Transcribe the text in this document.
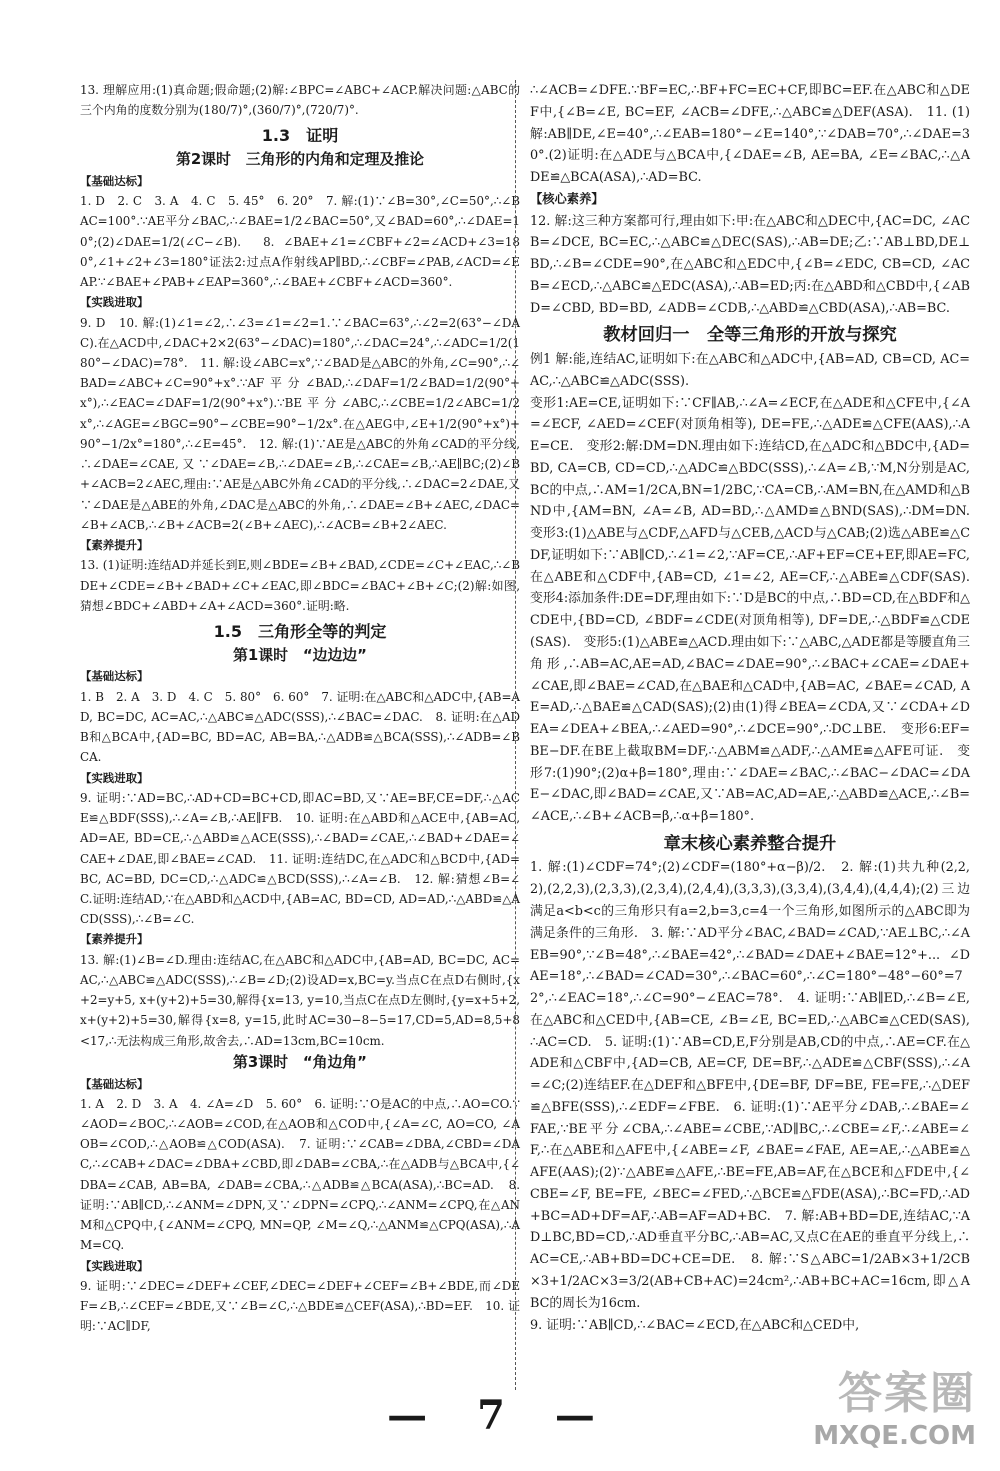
13. 理解应用:(1)真命题;假命题;(2)解:∠BPC=∠ABC+∠ACP.解决问题:△ABC的三个内角的度数分别为(180/7)°,(360/7)°,(720/7)°.

1.3　证明
第2课时　三角形的内角和定理及推论
【基础达标】

1. D　2. C　3. A　4. C　5. 45°　6. 20°　7. 解:(1)∵∠B=30°,∠C=50°,∴∠BAC=100°.∵AE平分∠BAC,∴∠BAE=1/2∠BAC=50°,又∠BAD=60°,∴∠DAE=10°;(2)∠DAE=1/2(∠C−∠B).　8. ∠BAE+∠1=∠CBF+∠2=∠ACD+∠3=180°,∠1+∠2+∠3=180°证法2:过点A作射线AP∥BD,∴∠CBF=∠PAB,∠ACD=∠EAP.∵∠BAE+∠PAB+∠EAP=360°,∴∠BAE+∠CBF+∠ACD=360°.

【实践进取】

9. D　10. 解:(1)∠1=∠2,∴∠3=∠1=∠2=1.∵∠BAC=63°,∴∠2=2(63°−∠DAC).在△ACD中,∠DAC+2×2(63°−∠DAC)=180°,∴∠DAC=24°,∴∠ADC=1/2(180°−∠DAC)=78°.　11. 解:设∠ABC=x°,∵∠BAD是△ABC的外角,∠C=90°,∴∠BAD=∠ABC+∠C=90°+x°.∵AF平分∠BAD,∴∠DAF=1/2∠BAD=1/2(90°+x°),∴∠EAC=∠DAF=1/2(90°+x°).∵BE平分∠ABC,∴∠CBE=1/2∠ABC=1/2x°,∴∠AGE=∠BGC=90°−∠CBE=90°−1/2x°.在△AEG中,∠E+1/2(90°+x°)+90°−1/2x°=180°,∴∠E=45°.　12. 解:(1)∵AE是△ABC的外角∠CAD的平分线,∴∠DAE=∠CAE,又∵∠DAE=∠B,∴∠DAE=∠B,∴∠CAE=∠B,∴AE∥BC;(2)∠B+∠ACB=2∠AEC,理由:∵AE是△ABC外角∠CAD的平分线,∴∠DAC=2∠DAE,又∵∠DAE是△ABE的外角,∠DAC是△ABC的外角,∴∠DAE=∠B+∠AEC,∠DAC=∠B+∠ACB,∴∠B+∠ACB=2(∠B+∠AEC),∴∠ACB=∠B+2∠AEC.

【素养提升】

13. (1)证明:连结AD并延长到E,则∠BDE=∠B+∠BAD,∠CDE=∠C+∠EAC,∴∠BDE+∠CDE=∠B+∠BAD+∠C+∠EAC,即∠BDC=∠BAC+∠B+∠C;(2)解:如图,猜想∠BDC+∠ABD+∠A+∠ACD=360°.证明:略.

1.5　三角形全等的判定
第1课时　“边边边”
【基础达标】

1. B　2. A　3. D　4. C　5. 80°　6. 60°　7. 证明:在△ABC和△ADC中,{AB=AD, BC=DC, AC=AC,∴△ABC≌△ADC(SSS),∴∠BAC=∠DAC.　8. 证明:在△ADB和△BCA中,{AD=BC, BD=AC, AB=BA,∴△ADB≌△BCA(SSS),∴∠ADB=∠BCA.

【实践进取】

9. 证明:∵AD=BC,∴AD+CD=BC+CD,即AC=BD,又∵AE=BF,CE=DF,∴△ACE≌△BDF(SSS),∴∠A=∠B,∴AE∥FB.　10. 证明:在△ABD和△ACE中,{AB=AC, AD=AE, BD=CE,∴△ABD≌△ACE(SSS),∴∠BAD=∠CAE,∴∠BAD+∠DAE=∠CAE+∠DAE,即∠BAE=∠CAD.　11. 证明:连结DC,在△ADC和△BCD中,{AD=BC, AC=BD, DC=CD,∴△ADC≌△BCD(SSS),∴∠A=∠B.　12. 解:猜想∠B=∠C.证明:连结AD,∵在△ABD和△ACD中,{AB=AC, BD=CD, AD=AD,∴△ABD≌△ACD(SSS),∴∠B=∠C.

【素养提升】

13. 解:(1)∠B=∠D.理由:连结AC,在△ABC和△ADC中,{AB=AD, BC=DC, AC=AC,∴△ABC≌△ADC(SSS),∴∠B=∠D;(2)设AD=x,BC=y.当点C在点D右侧时,{x+2=y+5, x+(y+2)+5=30,解得{x=13, y=10,当点C在点D左侧时,{y=x+5+2, x+(y+2)+5=30,解得{x=8, y=15,此时AC=30−8−5=17,CD=5,AD=8,5+8<17,∴无法构成三角形,故舍去,∴AD=13cm,BC=10cm.

第3课时　“角边角”
【基础达标】

1. A　2. D　3. A　4. ∠A=∠D　5. 60°　6. 证明:∵O是AC的中点,∴AO=CO.∵∠AOD=∠BOC,∴∠AOB=∠COD,在△AOB和△COD中,{∠A=∠C, AO=CO, ∠AOB=∠COD,∴△AOB≌△COD(ASA).　7. 证明:∵∠CAB=∠DBA,∠CBD=∠DAC,∴∠CAB+∠DAC=∠DBA+∠CBD,即∠DAB=∠CBA,∴在△ADB与△BCA中,{∠DBA=∠CAB, AB=BA, ∠DAB=∠CBA,∴△ADB≌△BCA(ASA),∴BC=AD.　8. 证明:∵AB∥CD,∴∠ANM=∠DPN,又∵∠DPN=∠CPQ,∴∠ANM=∠CPQ,在△ANM和△CPQ中,{∠ANM=∠CPQ, MN=QP, ∠M=∠Q,∴△ANM≌△CPQ(ASA),∴AM=CQ.

【实践进取】

9. 证明:∵∠DEC=∠DEF+∠CEF,∠DEC=∠DEF+∠CEF=∠B+∠BDE,而∠DEF=∠B,∴∠CEF=∠BDE,又∵∠B=∠C,∴△BDE≌△CEF(ASA),∴BD=EF.　10. 证明:∵AC∥DF,

∴∠ACB=∠DFE.∵BF=EC,∴BF+FC=EC+CF,即BC=EF.在△ABC和△DEF中,{∠B=∠E, BC=EF, ∠ACB=∠DFE,∴△ABC≌△DEF(ASA).　11. (1)解:AB∥DE,∠E=40°,∴∠EAB=180°−∠E=140°,∵∠DAB=70°,∴∠DAE=30°.(2)证明:在△ADE与△BCA中,{∠DAE=∠B, AE=BA, ∠E=∠BAC,∴△ADE≌△BCA(ASA),∴AD=BC.

【核心素养】

12. 解:这三种方案都可行,理由如下:甲:在△ABC和△DEC中,{AC=DC, ∠ACB=∠DCE, BC=EC,∴△ABC≌△DEC(SAS),∴AB=DE;乙:∵AB⊥BD,DE⊥BD,∴∠B=∠CDE=90°,在△ABC和△EDC中,{∠B=∠EDC, CB=CD, ∠ACB=∠ECD,∴△ABC≌△EDC(ASA),∴AB=ED;丙:在△ABD和△CBD中,{∠ABD=∠CBD, BD=BD, ∠ADB=∠CDB,∴△ABD≌△CBD(ASA),∴AB=BC.

教材回归一　全等三角形的开放与探究

例1 解:能,连结AC,证明如下:在△ABC和△ADC中,{AB=AD, CB=CD, AC=AC,∴△ABC≌△ADC(SSS).

变形1:AE=CE,证明如下:∵CF∥AB,∴∠A=∠ECF,在△ADE和△CFE中,{∠A=∠ECF, ∠AED=∠CEF(对顶角相等), DE=FE,∴△ADE≌△CFE(AAS),∴AE=CE.　变形2:解:DM=DN.理由如下:连结CD,在△ADC和△BDC中,{AD=BD, CA=CB, CD=CD,∴△ADC≌△BDC(SSS),∴∠A=∠B,∵M,N分别是AC,BC的中点,∴AM=1/2CA,BN=1/2BC,∵CA=CB,∴AM=BN,在△AMD和△BND中,{AM=BN, ∠A=∠B, AD=BD,∴△AMD≌△BND(SAS),∴DM=DN.　变形3:(1)△ABE与△CDF,△AFD与△CEB,△ACD与△CAB;(2)选△ABE≌△CDF,证明如下:∵AB∥CD,∴∠1=∠2,∵AF=CE,∴AF+EF=CE+EF,即AE=FC,在△ABE和△CDF中,{AB=CD, ∠1=∠2, AE=CF,∴△ABE≌△CDF(SAS).　变形4:添加条件:DE=DF,理由如下:∵D是BC的中点,∴BD=CD,在△BDF和△CDE中,{BD=CD, ∠BDF=∠CDE(对顶角相等), DF=DE,∴△BDF≌△CDE(SAS).　变形5:(1)△ABE≌△ACD.理由如下:∵△ABC,△ADE都是等腰直角三角形,∴AB=AC,AE=AD,∠BAC=∠DAE=90°,∴∠BAC+∠CAE=∠DAE+∠CAE,即∠BAE=∠CAD,在△BAE和△CAD中,{AB=AC, ∠BAE=∠CAD, AE=AD,∴△BAE≌△CAD(SAS);(2)由(1)得∠BEA=∠CDA,又∵∠CDA+∠DEA=∠DEA+∠BEA,∴∠AED=90°,∴∠DCE=90°,∴DC⊥BE.　变形6:EF=BE−DF.在BE上截取BM=DF,∴△ABM≌△ADF,∴△AME≌△AFE可证.　变形7:(1)90°;(2)α+β=180°,理由:∵∠DAE=∠BAC,∴∠BAC−∠DAC=∠DAE−∠DAC,即∠BAD=∠CAE,又∵AB=AC,AD=AE,∴△ABD≌△ACE,∴∠B=∠ACE,∴∠B+∠ACB=β,∴α+β=180°.

章末核心素养整合提升

1. 解:(1)∠CDF=74°;(2)∠CDF=(180°+α−β)/2.　2. 解:(1)共九种(2,2,2),(2,2,3),(2,3,3),(2,3,4),(2,4,4),(3,3,3),(3,3,4),(3,4,4),(4,4,4);(2)三边满足a<b<c的三角形只有a=2,b=3,c=4一个三角形,如图所示的△ABC即为满足条件的三角形.　3. 解:∵AD平分∠BAC,∠BAD=∠CAD,∵AE⊥BC,∴∠AEB=90°,∵∠B=48°,∴∠BAE=42°,∴∠BAD=∠DAE+∠BAE=12°+... ∠DAE=18°,∴∠BAD=∠CAD=30°,∴∠BAC=60°,∴∠C=180°−48°−60°=72°,∴∠EAC=18°,∴∠C=90°−∠EAC=78°.　4. 证明:∵AB∥ED,∴∠B=∠E,在△ABC和△CED中,{AB=CE, ∠B=∠E, BC=ED,∴△ABC≌△CED(SAS),∴AC=CD.　5. 证明:(1)∵AB=CD,E,F分别是AB,CD的中点,∴AE=CF.在△ADE和△CBF中,{AD=CB, AE=CF, DE=BF,∴△ADE≌△CBF(SSS),∴∠A=∠C;(2)连结EF.在△DEF和△BFE中,{DE=BF, DF=BE, FE=FE,∴△DEF≌△BFE(SSS),∴∠EDF=∠FBE.　6. 证明:(1)∵AE平分∠DAB,∴∠BAE=∠FAE,∵BE平分∠CBA,∴∠ABE=∠CBE,∵AD∥BC,∴∠CBE=∠F,∴∠ABE=∠F,∴在△ABE和△AFE中,{∠ABE=∠F, ∠BAE=∠FAE, AE=AE,∴△ABE≌△AFE(AAS);(2)∵△ABE≌△AFE,∴BE=FE,AB=AF,在△BCE和△FDE中,{∠CBE=∠F, BE=FE, ∠BEC=∠FED,∴△BCE≌△FDE(ASA),∴BC=FD,∴AD+BC=AD+DF=AF,∴AB=AF=AD+BC.　7. 解:AB+BD=DE,连结AC,∵AD⊥BC,BD=CD,∴AD垂直平分BC,∴AB=AC,又点C在AE的垂直平分线上,∴AC=CE,∴AB+BD=DC+CE=DE.　8. 解:∵S△ABC=1/2AB×3+1/2CB×3+1/2AC×3=3/2(AB+CB+AC)=24cm²,∴AB+BC+AC=16cm,即△ABC的周长为16cm.

9. 证明:∵AB∥CD,∴∠BAC=∠ECD,在△ABC和△CED中,

— 7 —	答案圈
MXQE.COM
